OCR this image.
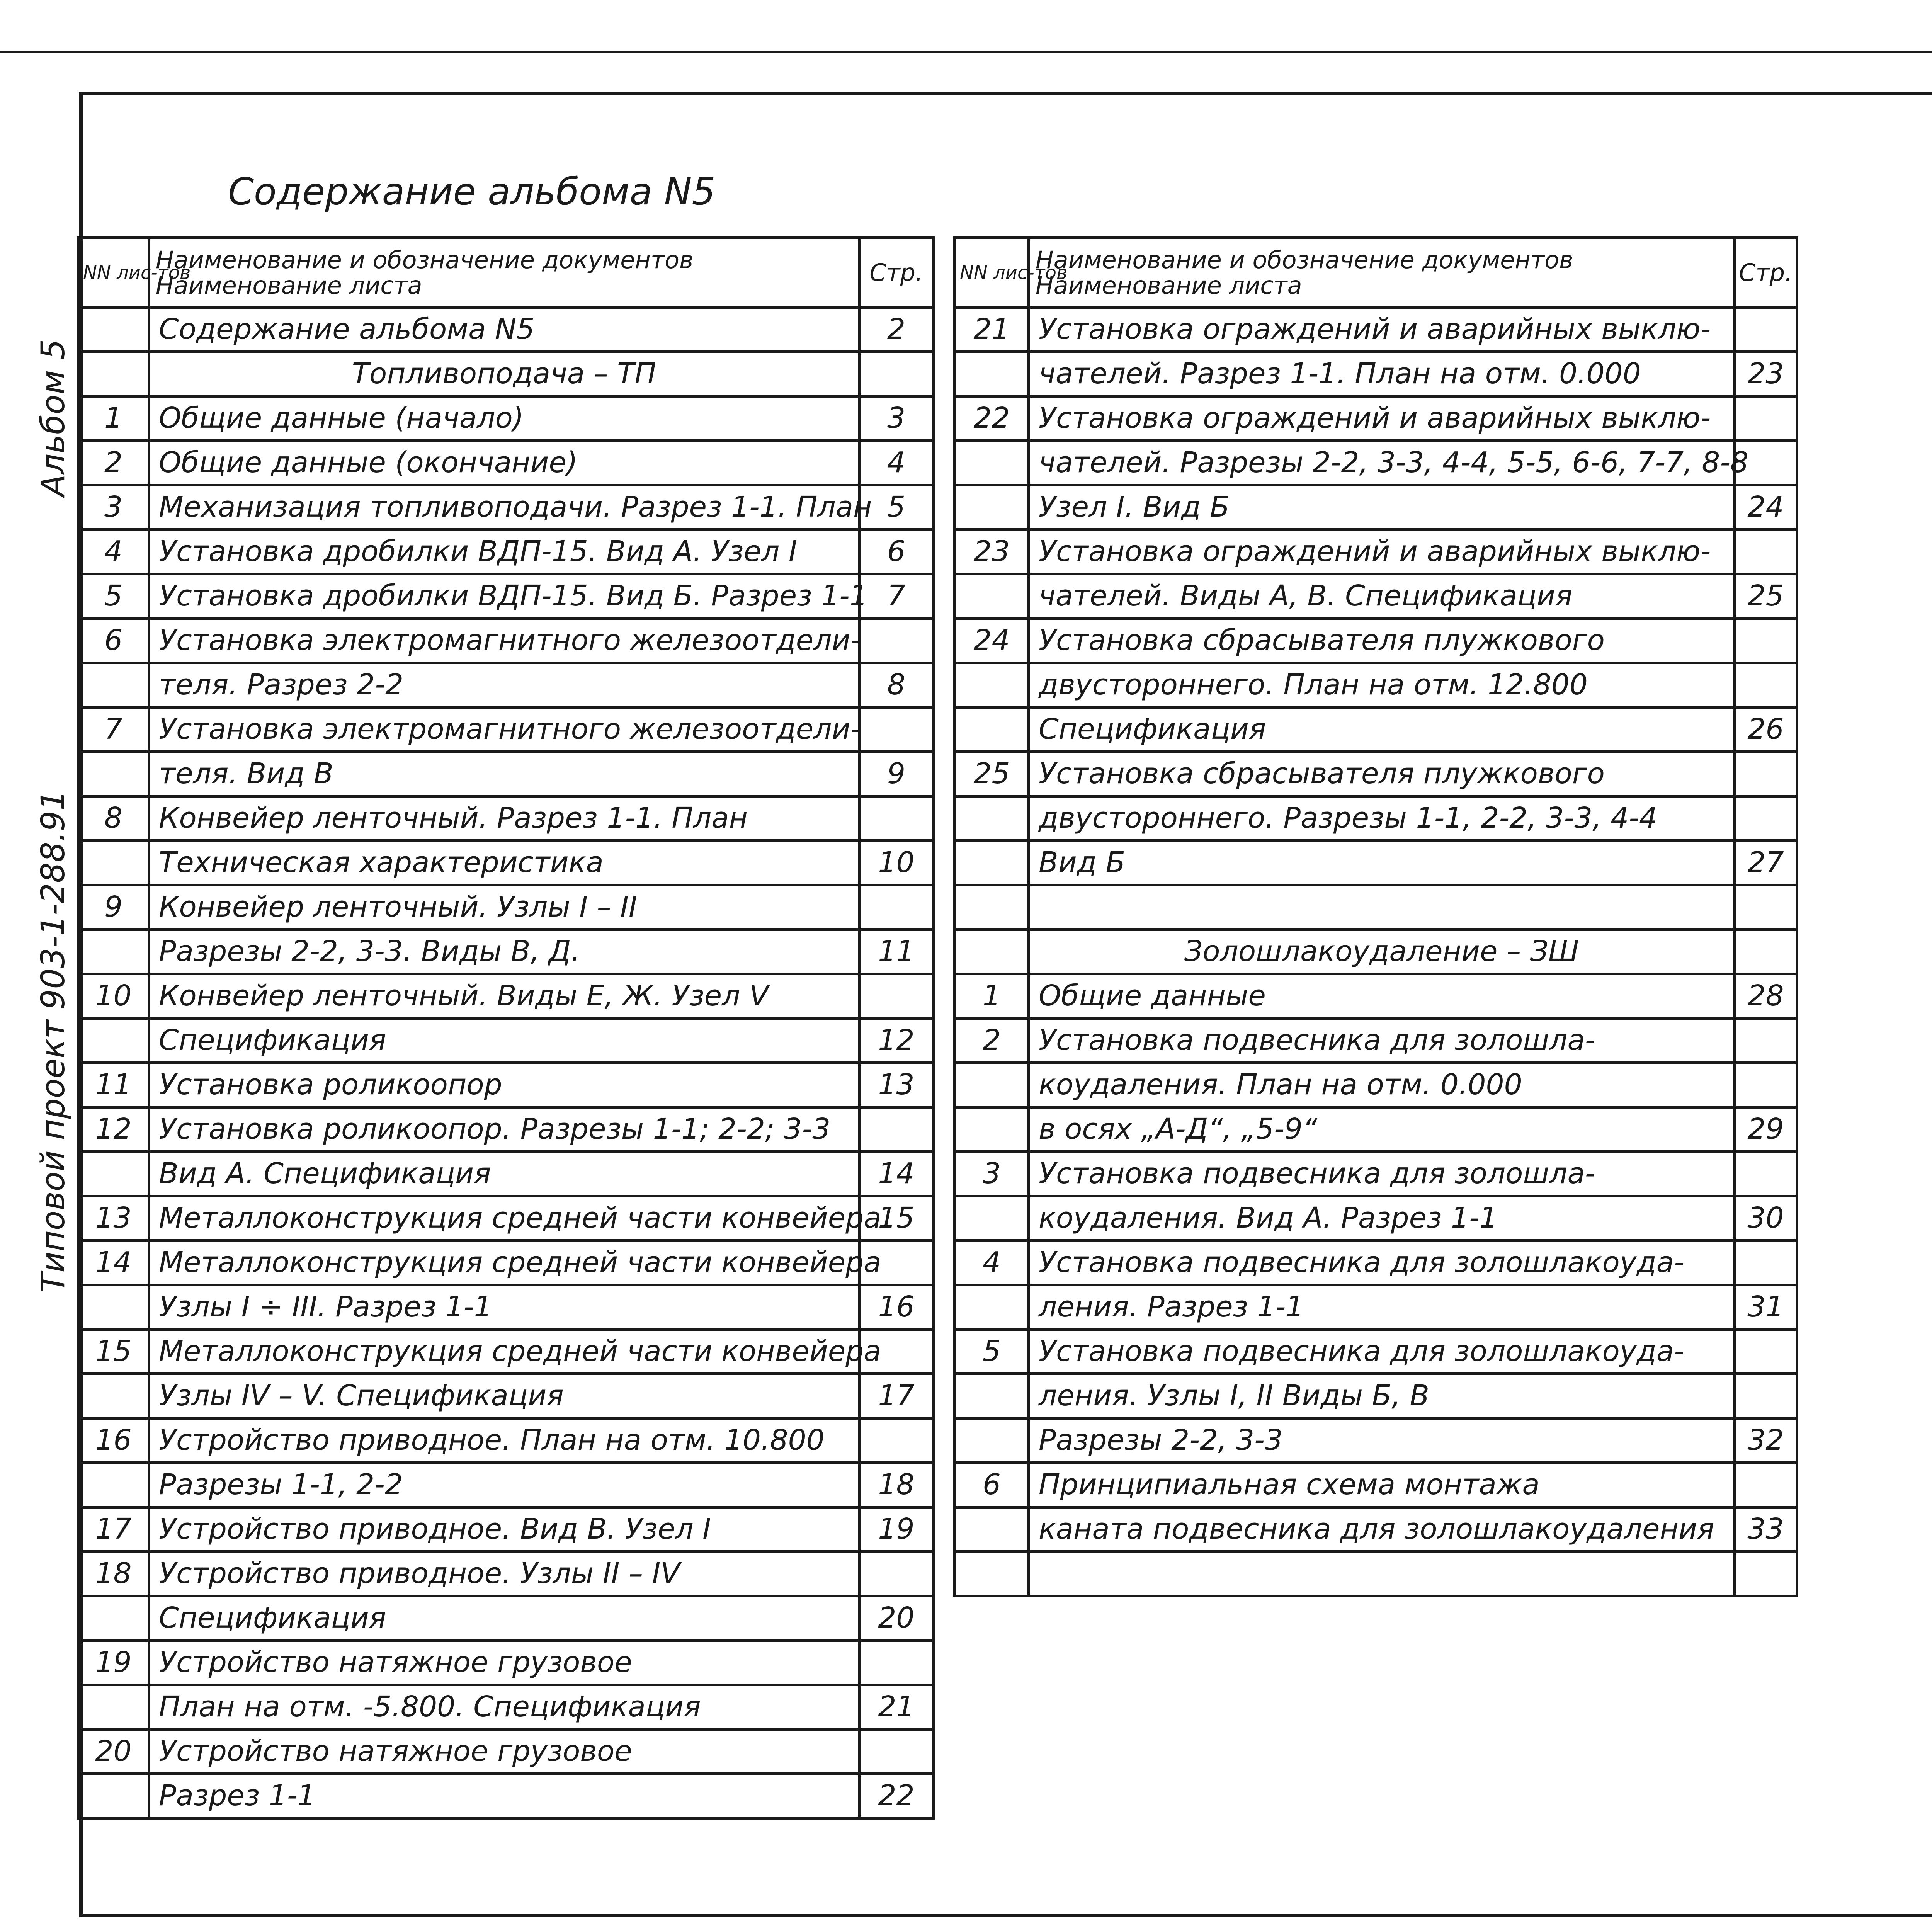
Альбом 5
Типовой проект 903-1-288.91
Содержание альбома N5
NN лис-тов	Наименование и обозначение документов Наименование листа	Стр.
	Содержание альбома N5	2
	Топливоподача – ТП	
1	Общие данные (начало)	3
2	Общие данные (окончание)	4
3	Механизация топливоподачи. Разрез 1-1. План	5
4	Установка дробилки ВДП-15. Вид А. Узел I	6
5	Установка дробилки ВДП-15. Вид Б. Разрез 1-1	7
6	Установка электромагнитного железоотдели-	
	теля. Разрез 2-2	8
7	Установка электромагнитного железоотдели-	
	теля. Вид В	9
8	Конвейер ленточный. Разрез 1-1. План	
	Техническая характеристика	10
9	Конвейер ленточный. Узлы I – II	
	Разрезы 2-2, 3-3. Виды В, Д.	11
10	Конвейер ленточный. Виды Е, Ж. Узел V	
	Спецификация	12
11	Установка роликоопор	13
12	Установка роликоопор. Разрезы 1-1; 2-2; 3-3	
	Вид А. Спецификация	14
13	Металлоконструкция средней части конвейера	15
14	Металлоконструкция средней части конвейера	
	Узлы I ÷ III. Разрез 1-1	16
15	Металлоконструкция средней части конвейера	
	Узлы IV – V. Спецификация	17
16	Устройство приводное. План на отм. 10.800	
	Разрезы 1-1, 2-2	18
17	Устройство приводное. Вид В. Узел I	19
18	Устройство приводное. Узлы II – IV	
	Спецификация	20
19	Устройство натяжное грузовое	
	План на отм. -5.800. Спецификация	21
20	Устройство натяжное грузовое	
	Разрез 1-1	22
NN лис-тов	Наименование и обозначение документов Наименование листа	Стр.
21	Установка ограждений и аварийных выклю-	
	чателей. Разрез 1-1. План на отм. 0.000	23
22	Установка ограждений и аварийных выклю-	
	чателей. Разрезы 2-2, 3-3, 4-4, 5-5, 6-6, 7-7, 8-8	
	Узел I. Вид Б	24
23	Установка ограждений и аварийных выклю-	
	чателей. Виды А, В. Спецификация	25
24	Установка сбрасывателя плужкового	
	двустороннего. План на отм. 12.800	
	Спецификация	26
25	Установка сбрасывателя плужкового	
	двустороннего. Разрезы 1-1, 2-2, 3-3, 4-4	
	Вид Б	27

	Золошлакоудаление – ЗШ	
1	Общие данные	28
2	Установка подвесника для золошла-	
	коудаления. План на отм. 0.000	
	в осях „А-Д“, „5-9“	29
3	Установка подвесника для золошла-	
	коудаления. Вид А. Разрез 1-1	30
4	Установка подвесника для золошлакоуда-	
	ления. Разрез 1-1	31
5	Установка подвесника для золошлакоуда-	
	ления. Узлы I, II Виды Б, В	
	Разрезы 2-2, 3-3	32
6	Принципиальная схема монтажа	
	каната подвесника для золошлакоудаления	33
